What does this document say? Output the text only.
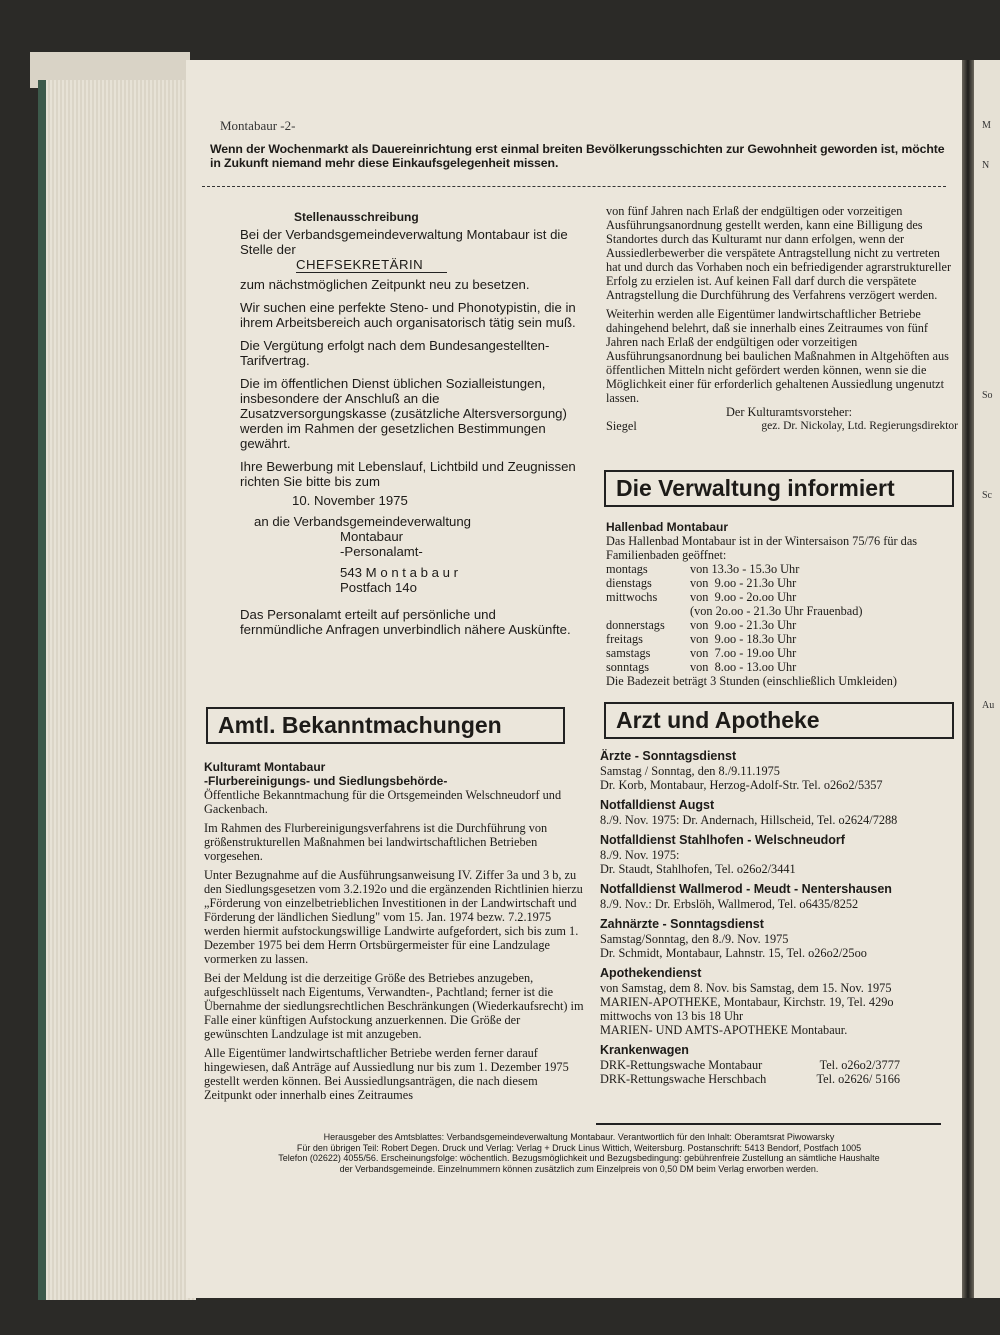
M
N
So
Sc
Au
Montabaur -2-
Wenn der Wochenmarkt als Dauereinrichtung erst einmal breiten Bevölkerungsschichten zur Gewohnheit geworden ist, möchte in Zukunft niemand mehr diese Einkaufsgelegenheit missen.
Stellenausschreibung

Bei der Verbandsgemeindeverwaltung Montabaur ist die Stelle der

CHEFSEKRETÄRIN

zum nächstmöglichen Zeitpunkt neu zu besetzen.

Wir suchen eine perfekte Steno- und Phonotypistin, die in ihrem Arbeitsbereich auch organisatorisch tätig sein muß.

Die Vergütung erfolgt nach dem Bundesangestellten-Tarifvertrag.

Die im öffentlichen Dienst üblichen Sozialleistungen, insbesondere der Anschluß an die Zusatzversorgungskasse (zusätzliche Altersversorgung) werden im Rahmen der gesetzlichen Bestimmungen gewährt.

Ihre Bewerbung mit Lebenslauf, Lichtbild und Zeugnissen richten Sie bitte bis zum

10. November 1975
an die Verbandsgemeindeverwaltung
Montabaur
-Personalamt-
543 M o n t a b a u r
Postfach 14o

Das Personalamt erteilt auf persönliche und fernmündliche Anfragen unverbindlich nähere Auskünfte.

Amtl. Bekanntmachungen
Kulturamt Montabaur
-Flurbereinigungs- und Siedlungsbehörde-

Öffentliche Bekanntmachung für die Ortsgemeinden Welschneudorf und Gackenbach.

Im Rahmen des Flurbereinigungsverfahrens ist die Durchführung von größenstrukturellen Maßnahmen bei landwirtschaftlichen Betrieben vorgesehen.

Unter Bezugnahme auf die Ausführungsanweisung IV. Ziffer 3a und 3 b, zu den Siedlungsgesetzen vom 3.2.192o und die ergänzenden Richtlinien hierzu „Förderung von einzelbetrieblichen Investitionen in der Landwirtschaft und Förderung der ländlichen Siedlung" vom 15. Jan. 1974 bezw. 7.2.1975 werden hiermit aufstockungswillige Landwirte aufgefordert, sich bis zum 1. Dezember 1975 bei dem Herrn Ortsbürgermeister für eine Landzulage vormerken zu lassen.

Bei der Meldung ist die derzeitige Größe des Betriebes anzugeben, aufgeschlüsselt nach Eigentums, Verwandten-, Pachtland; ferner ist die Übernahme der siedlungsrechtlichen Beschränkungen (Wiederkaufsrecht) im Falle einer künftigen Aufstockung anzuerkennen. Die Größe der gewünschten Landzulage ist mit anzugeben.

Alle Eigentümer landwirtschaftlicher Betriebe werden ferner darauf hingewiesen, daß Anträge auf Aussiedlung nur bis zum 1. Dezember 1975 gestellt werden können. Bei Aussiedlungsanträgen, die nach diesem Zeitpunkt oder innerhalb eines Zeitraumes

von fünf Jahren nach Erlaß der endgültigen oder vorzeitigen Ausführungsanordnung gestellt werden, kann eine Billigung des Standortes durch das Kulturamt nur dann erfolgen, wenn der Aussiedlerbewerber die verspätete Antragstellung nicht zu vertreten hat und durch das Vorhaben noch ein befriedigender agrarstruktureller Erfolg zu erzielen ist. Auf keinen Fall darf durch die verspätete Antragstellung die Durchführung des Verfahrens verzögert werden.

Weiterhin werden alle Eigentümer landwirtschaftlicher Betriebe dahingehend belehrt, daß sie innerhalb eines Zeitraumes von fünf Jahren nach Erlaß der endgültigen oder vorzeitigen Ausführungsanordnung bei baulichen Maßnahmen in Altgehöften aus öffentlichen Mitteln nicht gefördert werden können, wenn sie die Möglichkeit einer für erforderlich gehaltenen Aussiedlung ungenutzt lassen.

Der Kulturamtsvorsteher:
Siegel	gez. Dr. Nickolay, Ltd. Regierungsdirektor
Die Verwaltung informiert
Hallenbad Montabaur
Das Hallenbad Montabaur ist in der Wintersaison 75/76 für das Familienbaden geöffnet:
montags	von 13.3o - 15.3o Uhr
dienstags	von  9.oo - 21.3o Uhr
mittwochs	von  9.oo - 2o.oo Uhr
	(von 2o.oo - 21.3o Uhr Frauenbad)
donnerstags	von  9.oo - 21.3o Uhr
freitags	von  9.oo - 18.3o Uhr
samstags	von  7.oo - 19.oo Uhr
sonntags	von  8.oo - 13.oo Uhr
Die Badezeit beträgt 3 Stunden (einschließlich Umkleiden)
Arzt und Apotheke
Ärzte - Sonntagsdienst
Samstag / Sonntag, den 8./9.11.1975
Dr. Korb, Montabaur, Herzog-Adolf-Str. Tel. o26o2/5357
Notfalldienst Augst
8./9. Nov. 1975: Dr. Andernach, Hillscheid, Tel. o2624/7288
Notfalldienst Stahlhofen - Welschneudorf
8./9. Nov. 1975:
Dr. Staudt, Stahlhofen, Tel. o26o2/3441
Notfalldienst Wallmerod - Meudt - Nentershausen
8./9. Nov.: Dr. Erbslöh, Wallmerod, Tel. o6435/8252
Zahnärzte - Sonntagsdienst
Samstag/Sonntag, den 8./9. Nov. 1975
Dr. Schmidt, Montabaur, Lahnstr. 15, Tel. o26o2/25oo
Apothekendienst
von Samstag, dem 8. Nov. bis Samstag, dem 15. Nov. 1975
MARIEN-APOTHEKE, Montabaur, Kirchstr. 19, Tel. 429o
mittwochs von 13 bis 18 Uhr
MARIEN- UND AMTS-APOTHEKE Montabaur.
Krankenwagen
DRK-Rettungswache Montabaur	Tel. o26o2/3777
DRK-Rettungswache Herschbach	Tel. o2626/ 5166
Herausgeber des Amtsblattes: Verbandsgemeindeverwaltung Montabaur. Verantwortlich für den Inhalt: Oberamtsrat Piwowarsky
Für den übrigen Teil: Robert Degen. Druck und Verlag: Verlag + Druck Linus Wittich, Weitersburg. Postanschrift: 5413 Bendorf, Postfach 1005
Telefon (02622) 4055/56. Erscheinungsfolge: wöchentlich. Bezugsmöglichkeit und Bezugsbedingung: gebührenfreie Zustellung an sämtliche Haushalte
der Verbandsgemeinde. Einzelnummern können zusätzlich zum Einzelpreis von 0,50 DM beim Verlag erworben werden.
